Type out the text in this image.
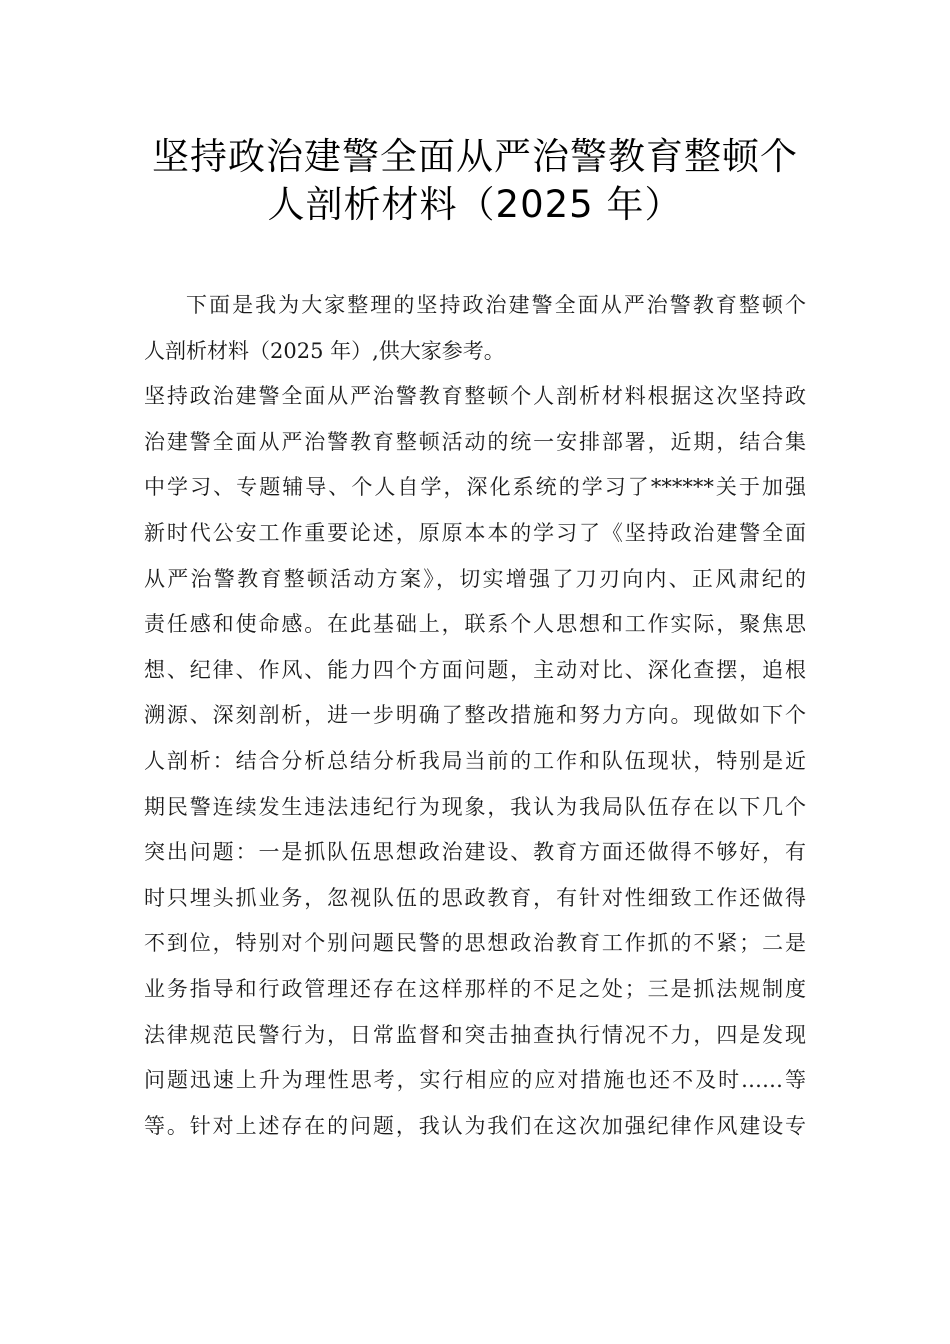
坚持政治建警全面从严治警教育整顿个
人剖析材料（2025 年）
下面是我为大家整理的坚持政治建警全面从严治警教育整顿个
人剖析材料（2025 年）,供大家参考。
坚持政治建警全面从严治警教育整顿个人剖析材料根据这次坚持政
治建警全面从严治警教育整顿活动的统一安排部署，近期，结合集
中学习、专题辅导、个人自学，深化系统的学习了******关于加强
新时代公安工作重要论述，原原本本的学习了《坚持政治建警全面
从严治警教育整顿活动方案》，切实增强了刀刃向内、正风肃纪的
责任感和使命感。在此基础上，联系个人思想和工作实际，聚焦思
想、纪律、作风、能力四个方面问题，主动对比、深化查摆，追根
溯源、深刻剖析，进一步明确了整改措施和努力方向。现做如下个
人剖析：结合分析总结分析我局当前的工作和队伍现状，特别是近
期民警连续发生违法违纪行为现象，我认为我局队伍存在以下几个
突出问题：一是抓队伍思想政治建设、教育方面还做得不够好，有
时只埋头抓业务，忽视队伍的思政教育，有针对性细致工作还做得
不到位，特别对个别问题民警的思想政治教育工作抓的不紧；二是
业务指导和行政管理还存在这样那样的不足之处；三是抓法规制度
法律规范民警行为，日常监督和突击抽查执行情况不力，四是发现
问题迅速上升为理性思考，实行相应的应对措施也还不及时……等
等。针对上述存在的问题，我认为我们在这次加强纪律作风建设专
